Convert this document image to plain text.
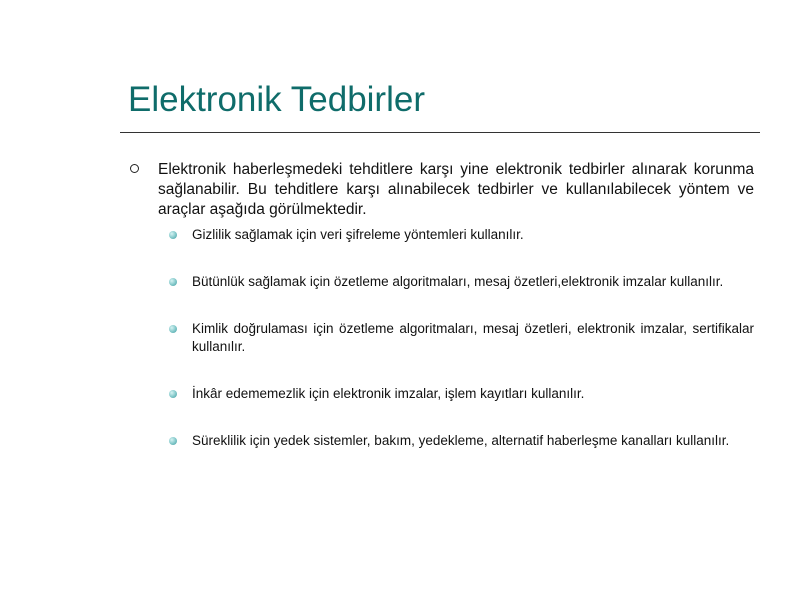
Elektronik Tedbirler

Elektronik haberleşmedeki tehditlere karşı yine elektronik tedbirler alınarak korunma sağlanabilir. Bu tehditlere karşı alınabilecek tedbirler ve kullanılabilecek yöntem ve araçlar aşağıda görülmektedir.

Gizlilik sağlamak için veri şifreleme yöntemleri kullanılır.
Bütünlük sağlamak için özetleme algoritmaları, mesaj özetleri,elektronik imzalar kullanılır.
Kimlik doğrulaması için özetleme algoritmaları, mesaj özetleri, elektronik imzalar, sertifikalar kullanılır.
İnkâr edememezlik için elektronik imzalar, işlem kayıtları kullanılır.
Süreklilik için yedek sistemler, bakım, yedekleme, alternatif haberleşme kanalları kullanılır.
